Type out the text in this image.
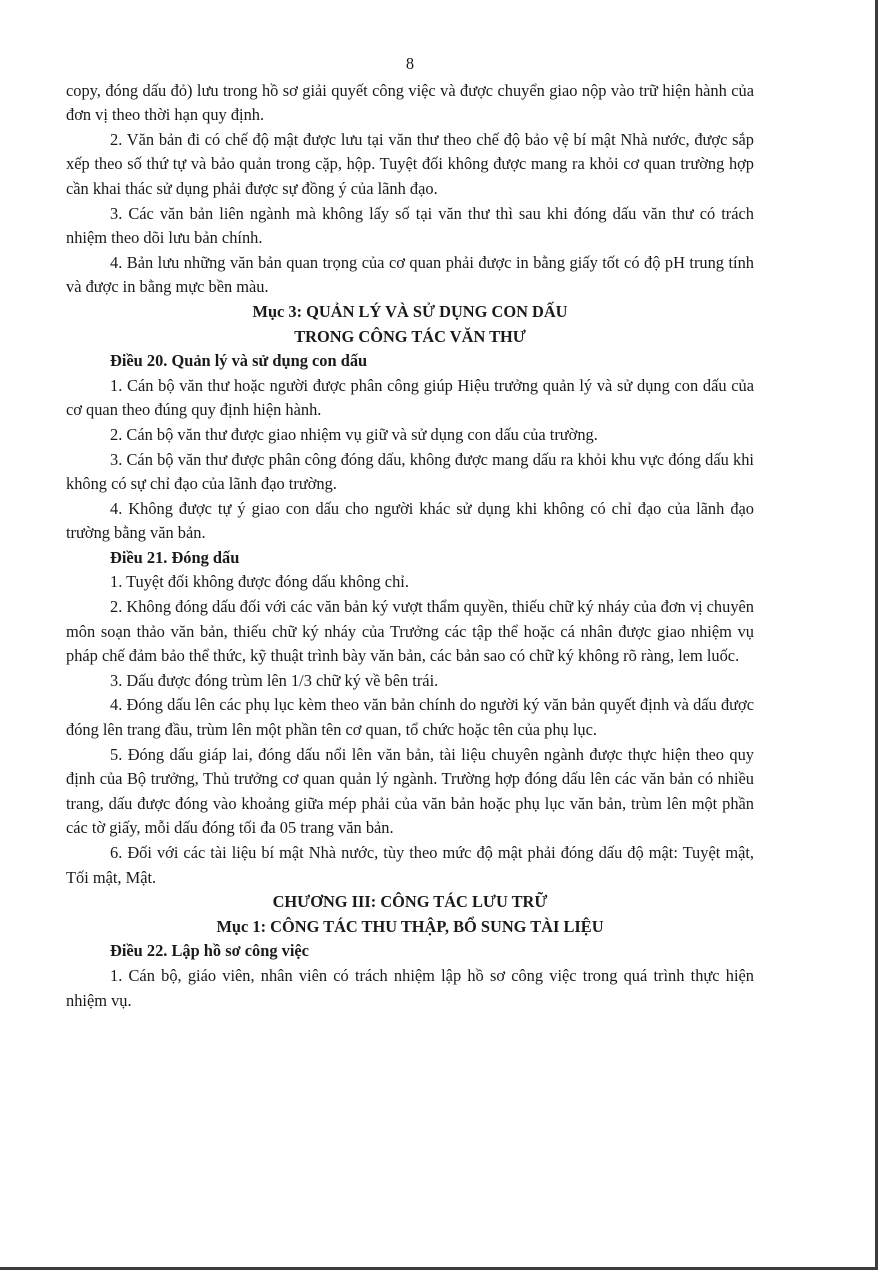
8

copy, đóng dấu đỏ) lưu trong hồ sơ giải quyết công việc và được chuyển giao nộp vào trữ hiện hành của đơn vị theo thời hạn quy định.

2. Văn bản đi có chế độ mật được lưu tại văn thư theo chế độ bảo vệ bí mật Nhà nước, được sắp xếp theo số thứ tự và bảo quản trong cặp, hộp. Tuyệt đối không được mang ra khỏi cơ quan trường hợp cần khai thác sử dụng phải được sự đồng ý của lãnh đạo.

3. Các văn bản liên ngành mà không lấy số tại văn thư thì sau khi đóng dấu văn thư có trách nhiệm theo dõi lưu bản chính.

4. Bản lưu những văn bản quan trọng của cơ quan phải được in bằng giấy tốt có độ pH trung tính và được in bằng mực bền màu.

Mục 3: QUẢN LÝ VÀ SỬ DỤNG CON DẤU

TRONG CÔNG TÁC VĂN THƯ

Điều 20. Quản lý và sử dụng con dấu

1. Cán bộ văn thư hoặc người được phân công giúp Hiệu trưởng quản lý và sử dụng con dấu của cơ quan theo đúng quy định hiện hành.

2. Cán bộ văn thư được giao nhiệm vụ giữ và sử dụng con dấu của trường.

3. Cán bộ văn thư được phân công đóng dấu, không được mang dấu ra khỏi khu vực đóng dấu khi không có sự chỉ đạo của lãnh đạo trường.

4. Không được tự ý giao con dấu cho người khác sử dụng khi không có chỉ đạo của lãnh đạo trường bằng văn bản.

Điều 21. Đóng dấu

1. Tuyệt đối không được đóng dấu không chỉ.

2. Không đóng dấu đối với các văn bản ký vượt thẩm quyền, thiếu chữ ký nháy của đơn vị chuyên môn soạn thảo văn bản, thiếu chữ ký nháy của Trưởng các tập thể hoặc cá nhân được giao nhiệm vụ pháp chế đảm bảo thể thức, kỹ thuật trình bày văn bản, các bản sao có chữ ký không rõ ràng, lem luốc.

3. Dấu được đóng trùm lên 1/3 chữ ký về bên trái.

4. Đóng dấu lên các phụ lục kèm theo văn bản chính do người ký văn bản quyết định và dấu được đóng lên trang đầu, trùm lên một phần tên cơ quan, tổ chức hoặc tên của phụ lục.

5. Đóng dấu giáp lai, đóng dấu nổi lên văn bản, tài liệu chuyên ngành được thực hiện theo quy định của Bộ trưởng, Thủ trưởng cơ quan quản lý ngành. Trường hợp đóng dấu lên các văn bản có nhiều trang, dấu được đóng vào khoảng giữa mép phải của văn bản hoặc phụ lục văn bản, trùm lên một phần các tờ giấy, mỗi dấu đóng tối đa 05 trang văn bản.

6. Đối với các tài liệu bí mật Nhà nước, tùy theo mức độ mật phải đóng dấu độ mật: Tuyệt mật, Tối mật, Mật.

CHƯƠNG III: CÔNG TÁC LƯU TRỮ

Mục 1: CÔNG TÁC THU THẬP, BỔ SUNG TÀI LIỆU

Điều 22. Lập hồ sơ công việc

1. Cán bộ, giáo viên, nhân viên có trách nhiệm lập hồ sơ công việc trong quá trình thực hiện nhiệm vụ.
